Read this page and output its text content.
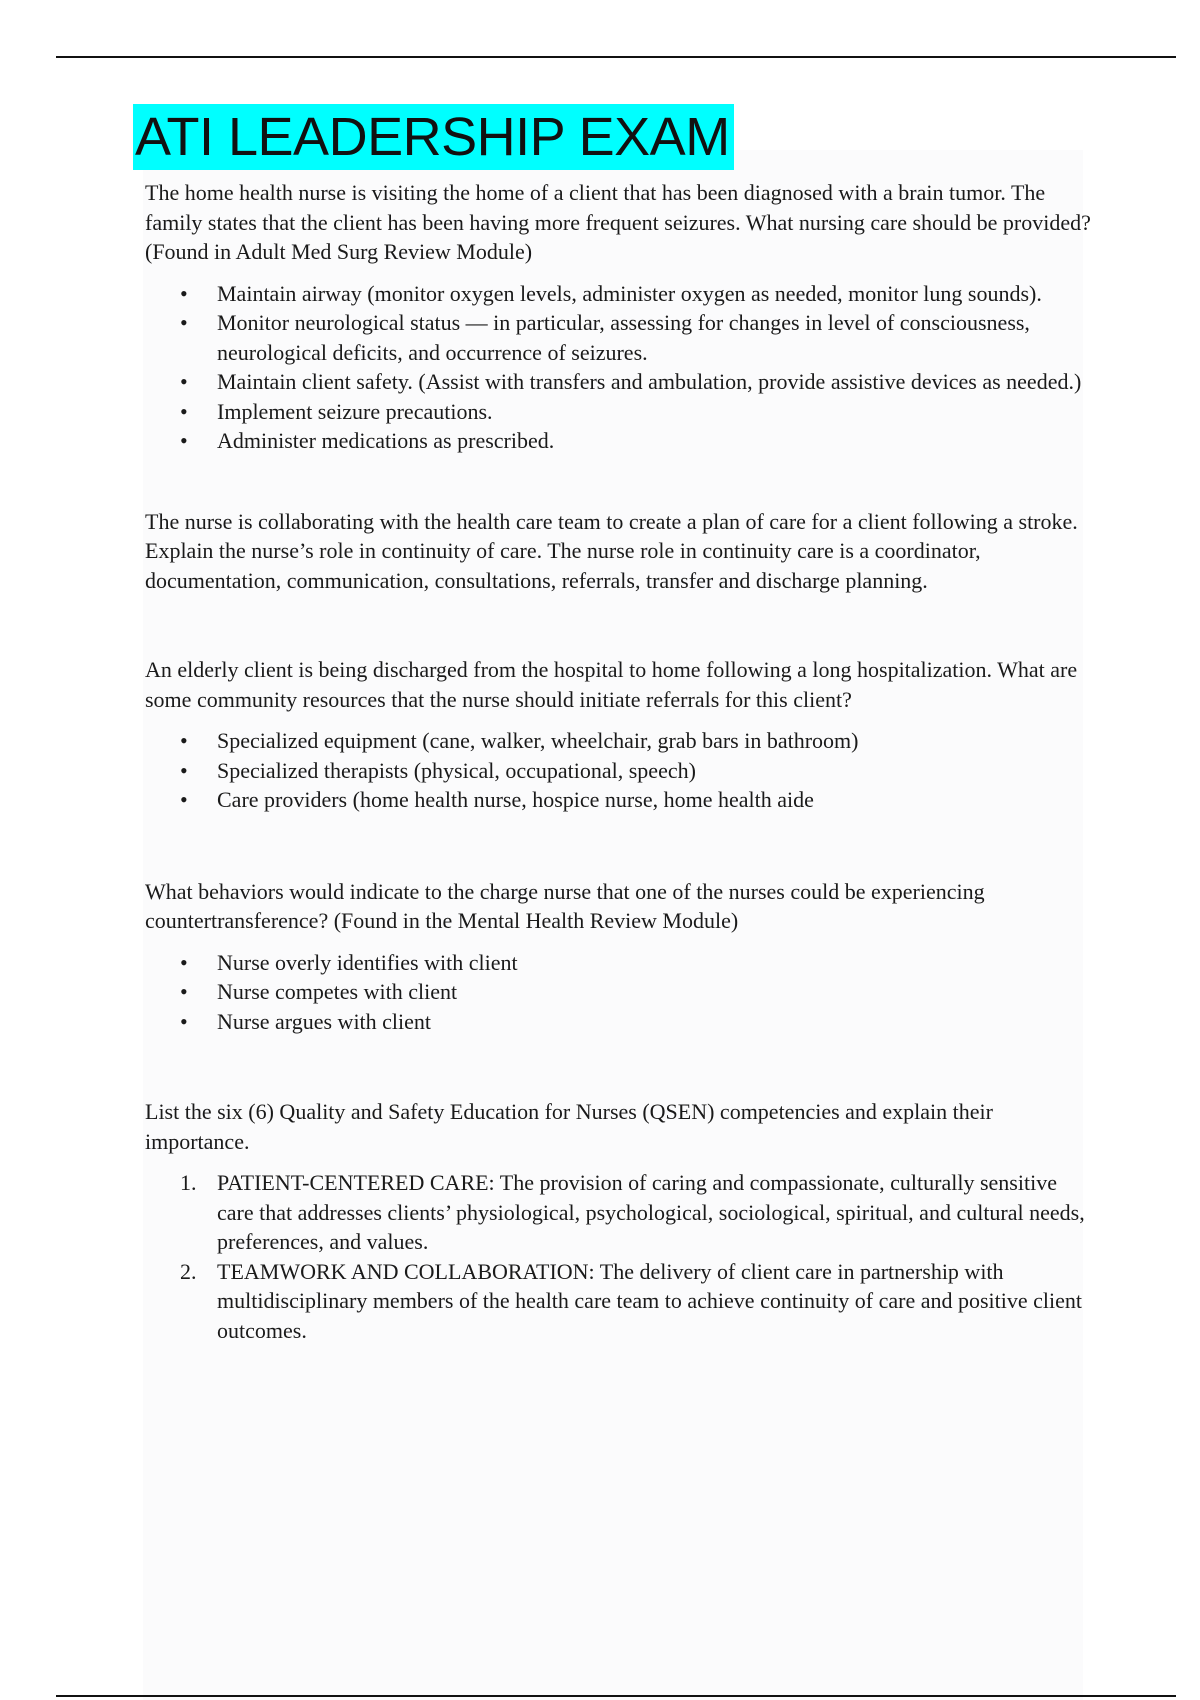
ATI LEADERSHIP EXAM

The home health nurse is visiting the home of a client that has been diagnosed with a brain tumor. The family states that the client has been having more frequent seizures. What nursing care should be provided? (Found in Adult Med Surg Review Module)

• Maintain airway (monitor oxygen levels, administer oxygen as needed, monitor lung sounds).
• Monitor neurological status — in particular, assessing for changes in level of consciousness, neurological deficits, and occurrence of seizures.
• Maintain client safety. (Assist with transfers and ambulation, provide assistive devices as needed.)
• Implement seizure precautions.
• Administer medications as prescribed.

The nurse is collaborating with the health care team to create a plan of care for a client following a stroke. Explain the nurse’s role in continuity of care. The nurse role in continuity care is a coordinator, documentation, communication, consultations, referrals, transfer and discharge planning.

An elderly client is being discharged from the hospital to home following a long hospitalization. What are some community resources that the nurse should initiate referrals for this client?

• Specialized equipment (cane, walker, wheelchair, grab bars in bathroom)
• Specialized therapists (physical, occupational, speech)
• Care providers (home health nurse, hospice nurse, home health aide

What behaviors would indicate to the charge nurse that one of the nurses could be experiencing countertransference? (Found in the Mental Health Review Module)

• Nurse overly identifies with client
• Nurse competes with client
• Nurse argues with client

List the six (6) Quality and Safety Education for Nurses (QSEN) competencies and explain their importance.

1. PATIENT-CENTERED CARE: The provision of caring and compassionate, culturally sensitive care that addresses clients’ physiological, psychological, sociological, spiritual, and cultural needs, preferences, and values.
2. TEAMWORK AND COLLABORATION: The delivery of client care in partnership with multidisciplinary members of the health care team to achieve continuity of care and positive client outcomes.
